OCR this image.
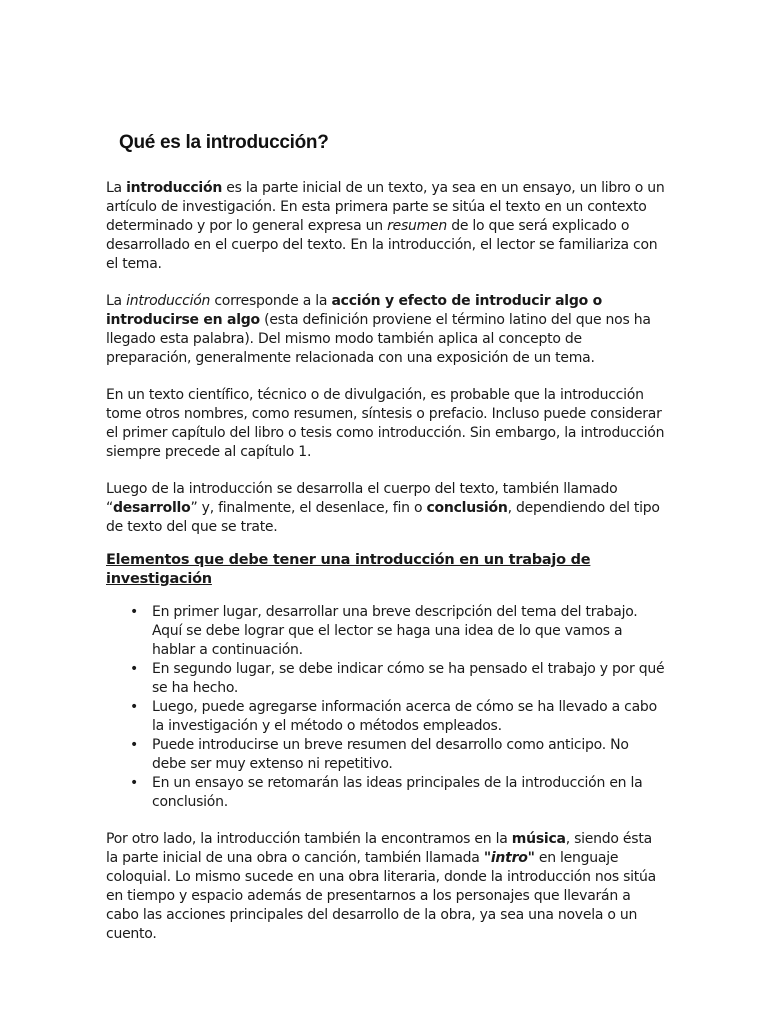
Qué es la introducción?

La introducción es la parte inicial de un texto, ya sea en un ensayo, un libro o un artículo de investigación. En esta primera parte se sitúa el texto en un contexto determinado y por lo general expresa un resumen de lo que será explicado o desarrollado en el cuerpo del texto. En la introducción, el lector se familiariza con el tema.

La introducción corresponde a la acción y efecto de introducir algo o introducirse en algo (esta definición proviene el término latino del que nos ha llegado esta palabra). Del mismo modo también aplica al concepto de preparación, generalmente relacionada con una exposición de un tema.

En un texto científico, técnico o de divulgación, es probable que la introducción tome otros nombres, como resumen, síntesis o prefacio. Incluso puede considerar el primer capítulo del libro o tesis como introducción. Sin embargo, la introducción siempre precede al capítulo 1.

Luego de la introducción se desarrolla el cuerpo del texto, también llamado “desarrollo” y, finalmente, el desenlace, fin o conclusión, dependiendo del tipo de texto del que se trate.

Elementos que debe tener una introducción en un trabajo de investigación
• En primer lugar, desarrollar una breve descripción del tema del trabajo. Aquí se debe lograr que el lector se haga una idea de lo que vamos a hablar a continuación.
• En segundo lugar, se debe indicar cómo se ha pensado el trabajo y por qué se ha hecho.
• Luego, puede agregarse información acerca de cómo se ha llevado a cabo la investigación y el método o métodos empleados.
• Puede introducirse un breve resumen del desarrollo como anticipo. No debe ser muy extenso ni repetitivo.
• En un ensayo se retomarán las ideas principales de la introducción en la conclusión.

Por otro lado, la introducción también la encontramos en la música, siendo ésta la parte inicial de una obra o canción, también llamada "intro" en lenguaje coloquial. Lo mismo sucede en una obra literaria, donde la introducción nos sitúa en tiempo y espacio además de presentarnos a los personajes que llevarán a cabo las acciones principales del desarrollo de la obra, ya sea una novela o un cuento.
